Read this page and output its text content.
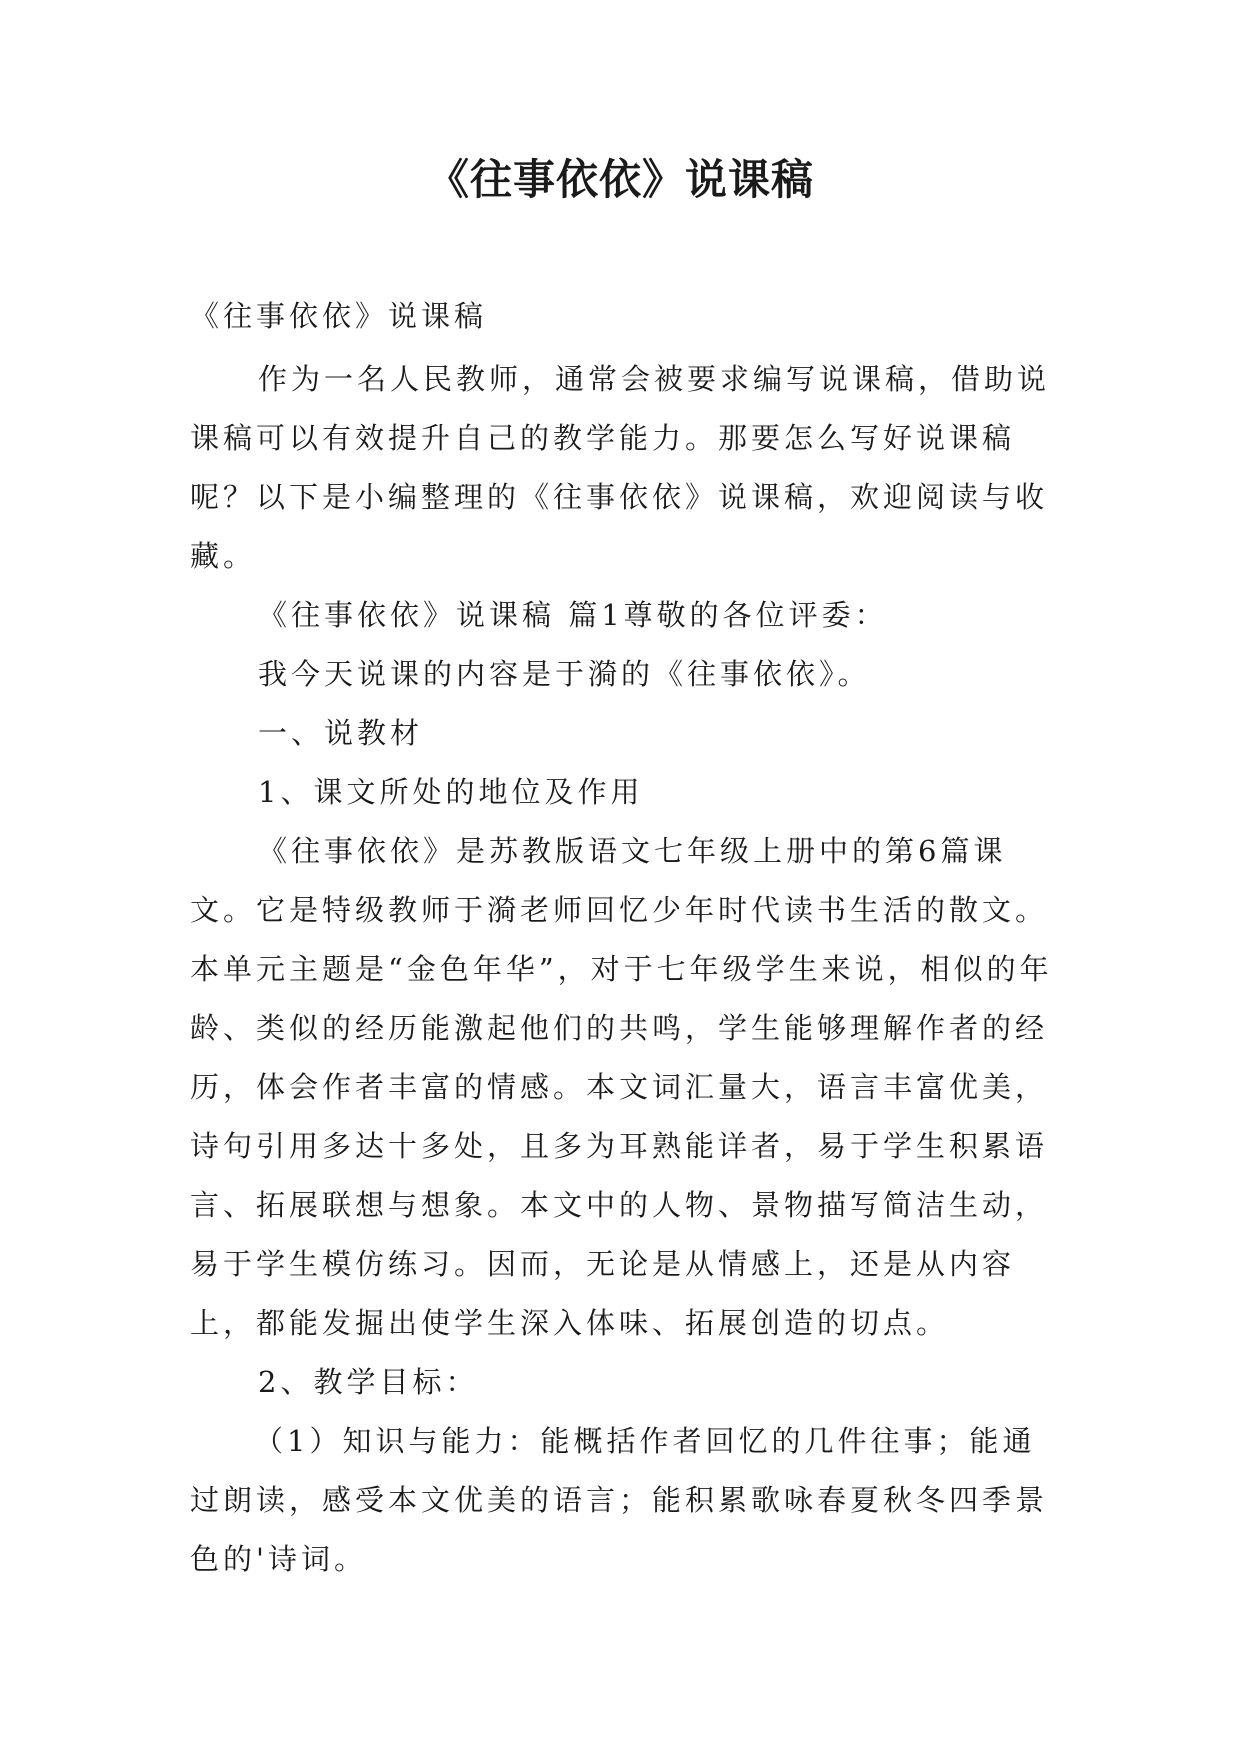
《往事依依》说课稿

《往事依依》说课稿

作为一名人民教师，通常会被要求编写说课稿，借助说课稿可以有效提升自己的教学能力。那要怎么写好说课稿呢？以下是小编整理的《往事依依》说课稿，欢迎阅读与收藏。

《往事依依》说课稿 篇1尊敬的各位评委：

我今天说课的内容是于漪的《往事依依》。

一、说教材

1、课文所处的地位及作用

《往事依依》是苏教版语文七年级上册中的第6篇课文。它是特级教师于漪老师回忆少年时代读书生活的散文。本单元主题是“金色年华”，对于七年级学生来说，相似的年龄、类似的经历能激起他们的共鸣，学生能够理解作者的经历，体会作者丰富的情感。本文词汇量大，语言丰富优美，诗句引用多达十多处，且多为耳熟能详者，易于学生积累语言、拓展联想与想象。本文中的人物、景物描写简洁生动，易于学生模仿练习。因而，无论是从情感上，还是从内容上，都能发掘出使学生深入体味、拓展创造的切点。

2、教学目标：

（1）知识与能力：能概括作者回忆的几件往事；能通过朗读，感受本文优美的语言；能积累歌咏春夏秋冬四季景色的'诗词。
